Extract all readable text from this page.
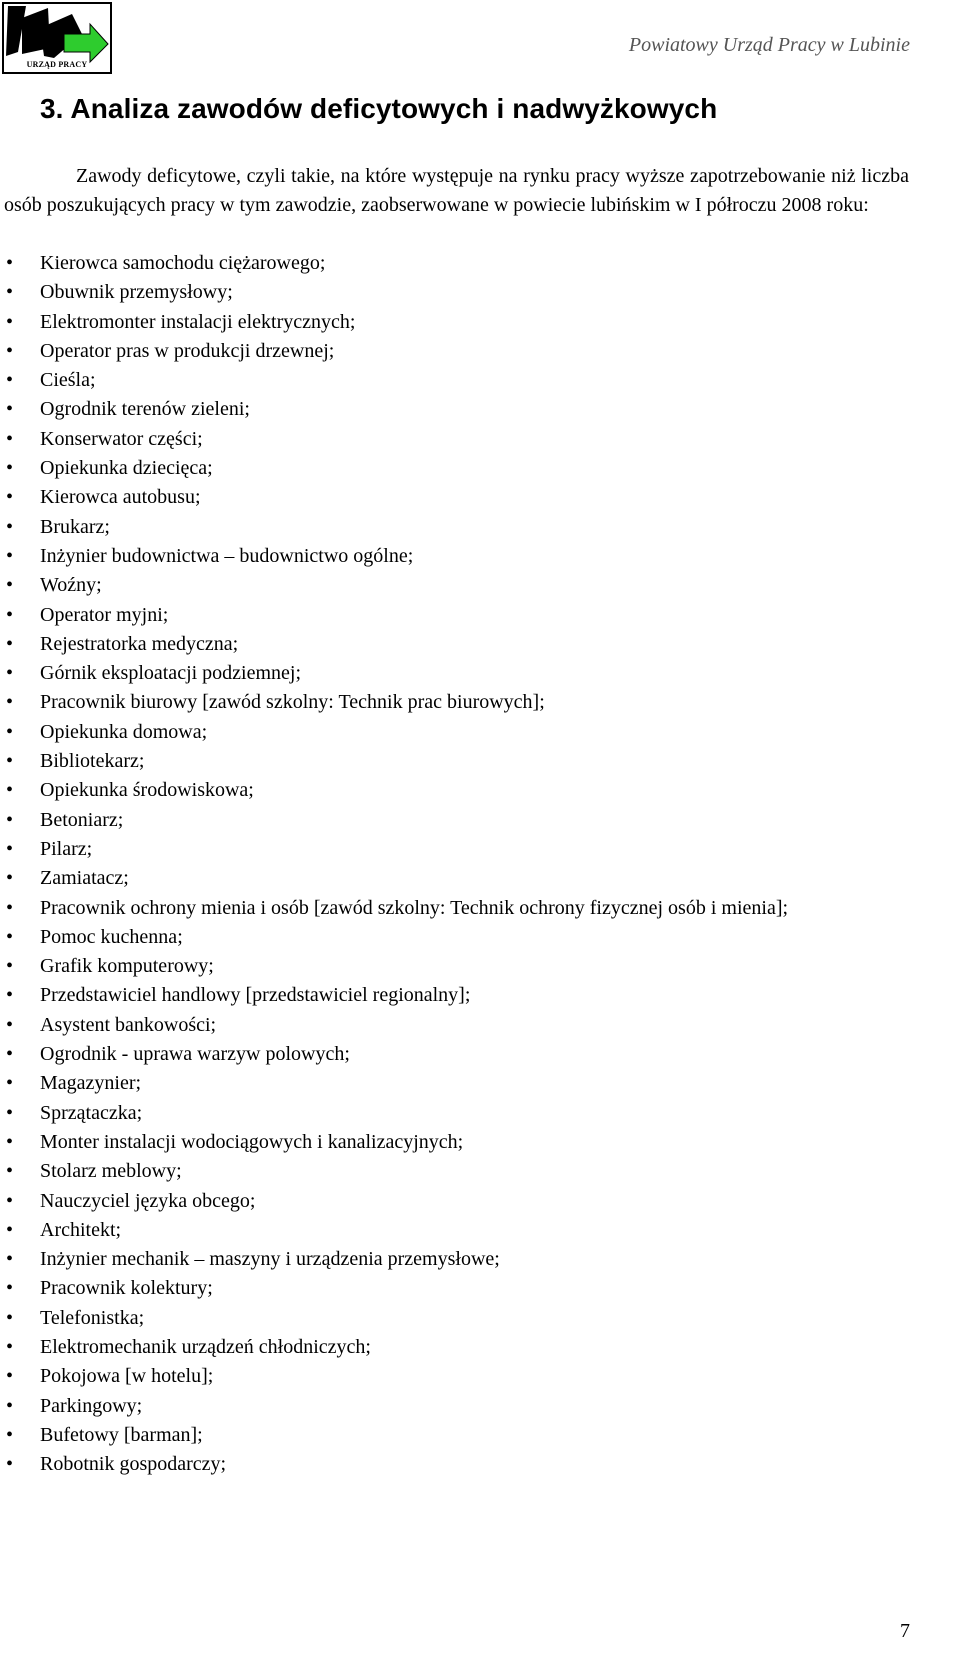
URZĄD PRACY
Powiatowy Urząd Pracy w Lubinie
3. Analiza zawodów deficytowych i nadwyżkowych

Zawody deficytowe, czyli takie, na które występuje na rynku pracy wyższe zapotrzebowanie niż liczba osób poszukujących pracy w tym zawodzie, zaobserwowane w powiecie lubińskim w I półroczu 2008 roku:

• Kierowca samochodu ciężarowego;
• Obuwnik przemysłowy;
• Elektromonter instalacji elektrycznych;
• Operator pras w produkcji drzewnej;
• Cieśla;
• Ogrodnik terenów zieleni;
• Konserwator części;
• Opiekunka dziecięca;
• Kierowca autobusu;
• Brukarz;
• Inżynier budownictwa – budownictwo ogólne;
• Woźny;
• Operator myjni;
• Rejestratorka medyczna;
• Górnik eksploatacji podziemnej;
• Pracownik biurowy [zawód szkolny: Technik prac biurowych];
• Opiekunka domowa;
• Bibliotekarz;
• Opiekunka środowiskowa;
• Betoniarz;
• Pilarz;
• Zamiatacz;
• Pracownik ochrony mienia i osób [zawód szkolny: Technik ochrony fizycznej osób i mienia];
• Pomoc kuchenna;
• Grafik komputerowy;
• Przedstawiciel handlowy [przedstawiciel regionalny];
• Asystent bankowości;
• Ogrodnik - uprawa warzyw polowych;
• Magazynier;
• Sprzątaczka;
• Monter instalacji wodociągowych i kanalizacyjnych;
• Stolarz meblowy;
• Nauczyciel języka obcego;
• Architekt;
• Inżynier mechanik – maszyny i urządzenia przemysłowe;
• Pracownik kolektury;
• Telefonistka;
• Elektromechanik urządzeń chłodniczych;
• Pokojowa [w hotelu];
• Parkingowy;
• Bufetowy [barman];
• Robotnik gospodarczy;
7
